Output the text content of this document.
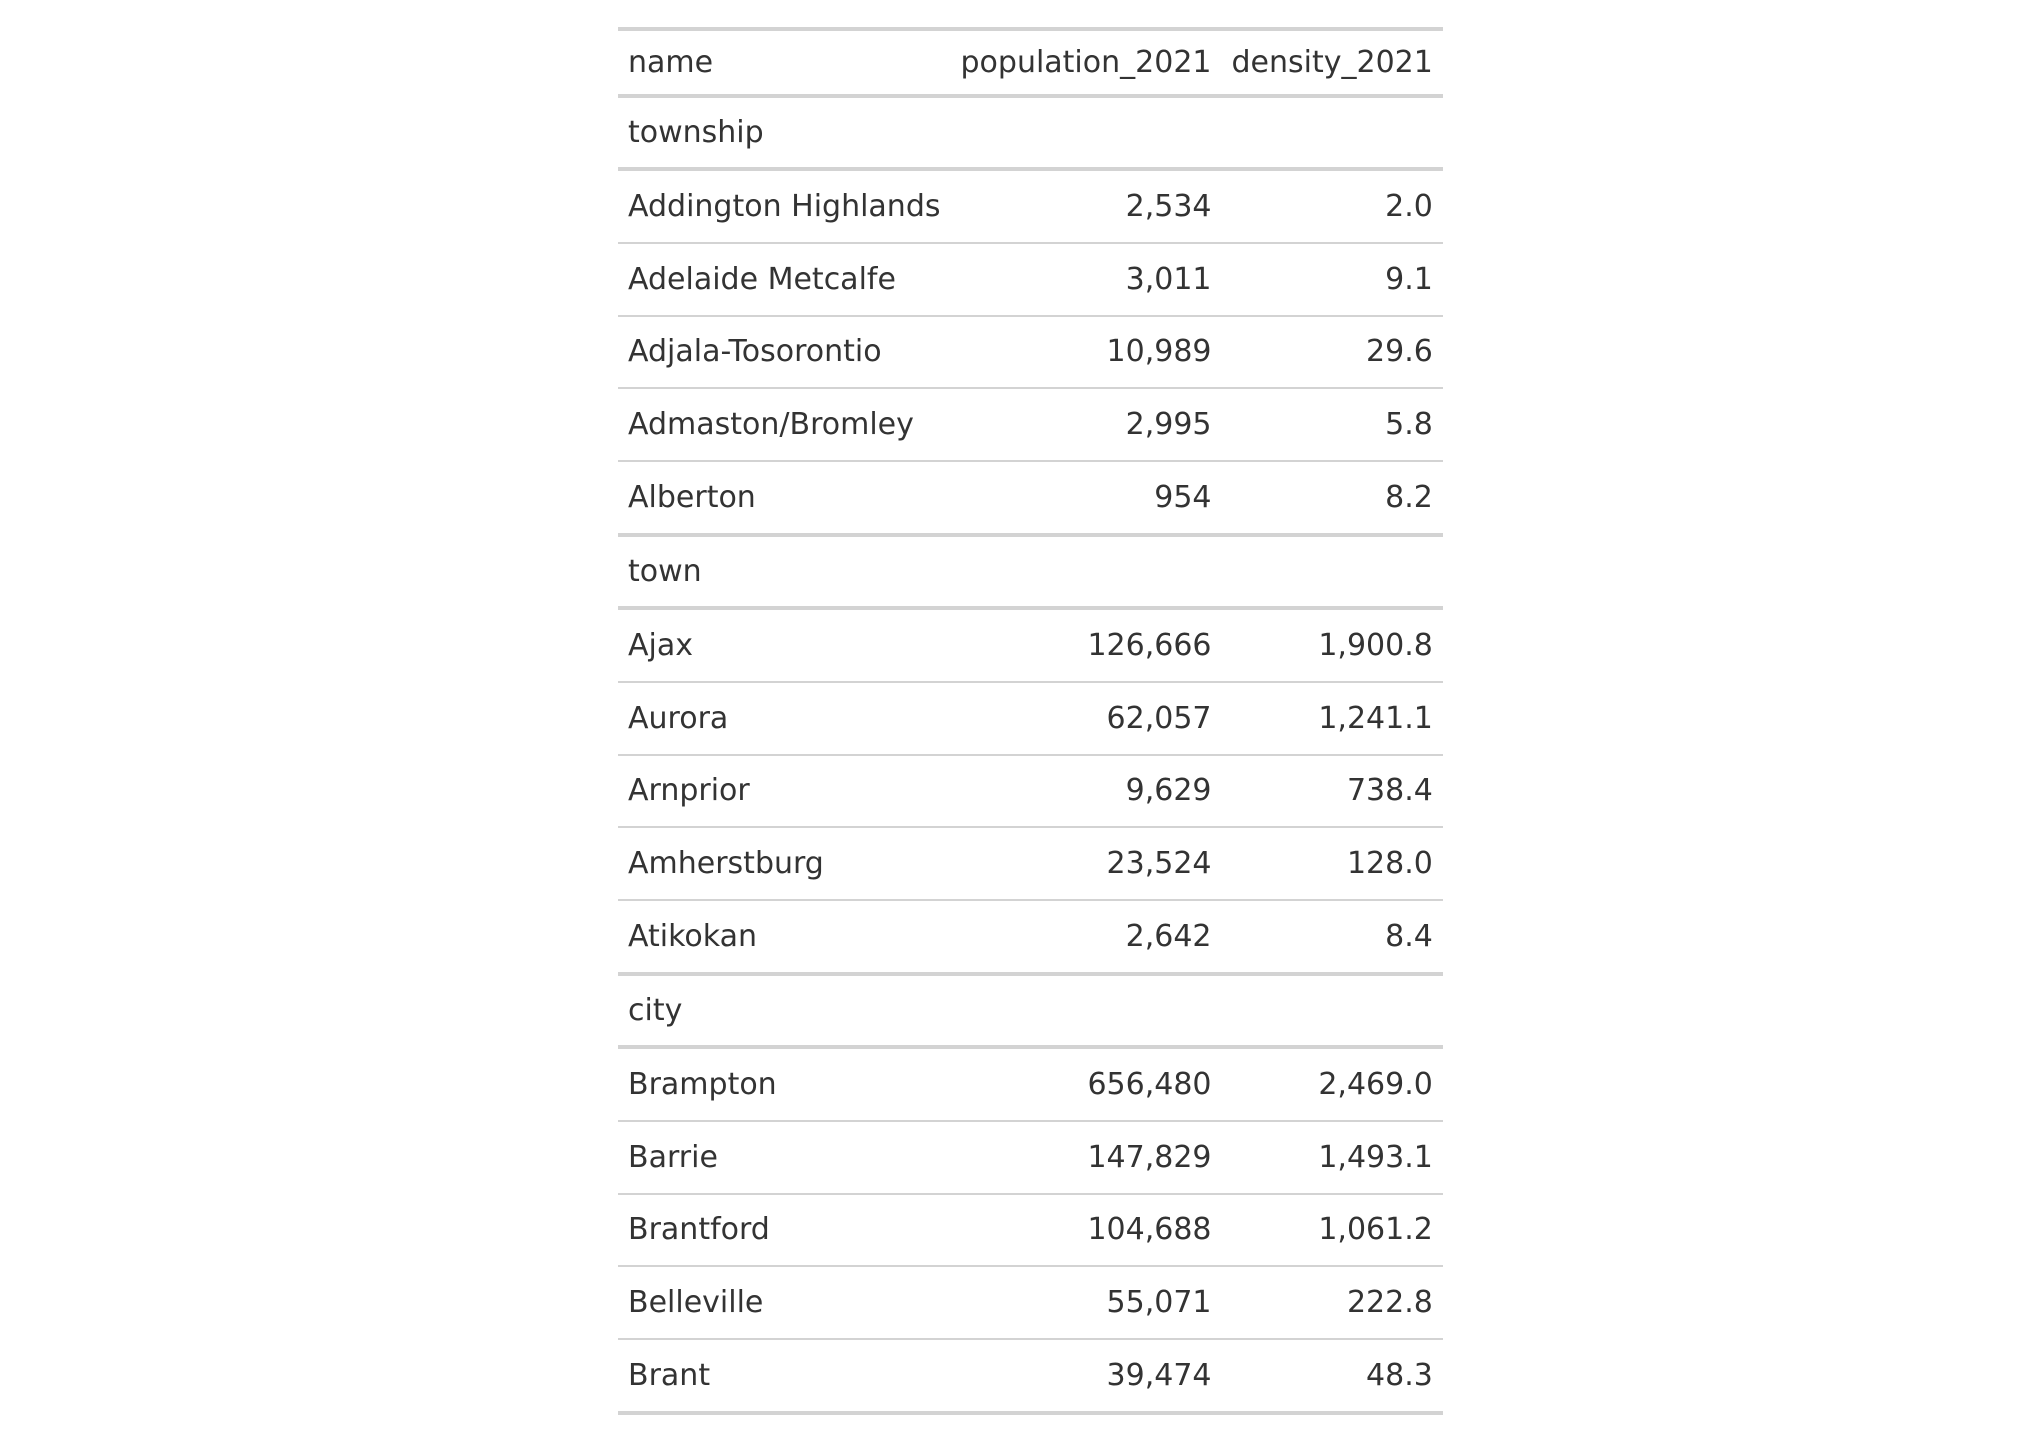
name	population_2021	density_2021
township		
Addington Highlands	2,534	2.0
Adelaide Metcalfe	3,011	9.1
Adjala-Tosorontio	10,989	29.6
Admaston/Bromley	2,995	5.8
Alberton	954	8.2
town		
Ajax	126,666	1,900.8
Aurora	62,057	1,241.1
Arnprior	9,629	738.4
Amherstburg	23,524	128.0
Atikokan	2,642	8.4
city		
Brampton	656,480	2,469.0
Barrie	147,829	1,493.1
Brantford	104,688	1,061.2
Belleville	55,071	222.8
Brant	39,474	48.3
